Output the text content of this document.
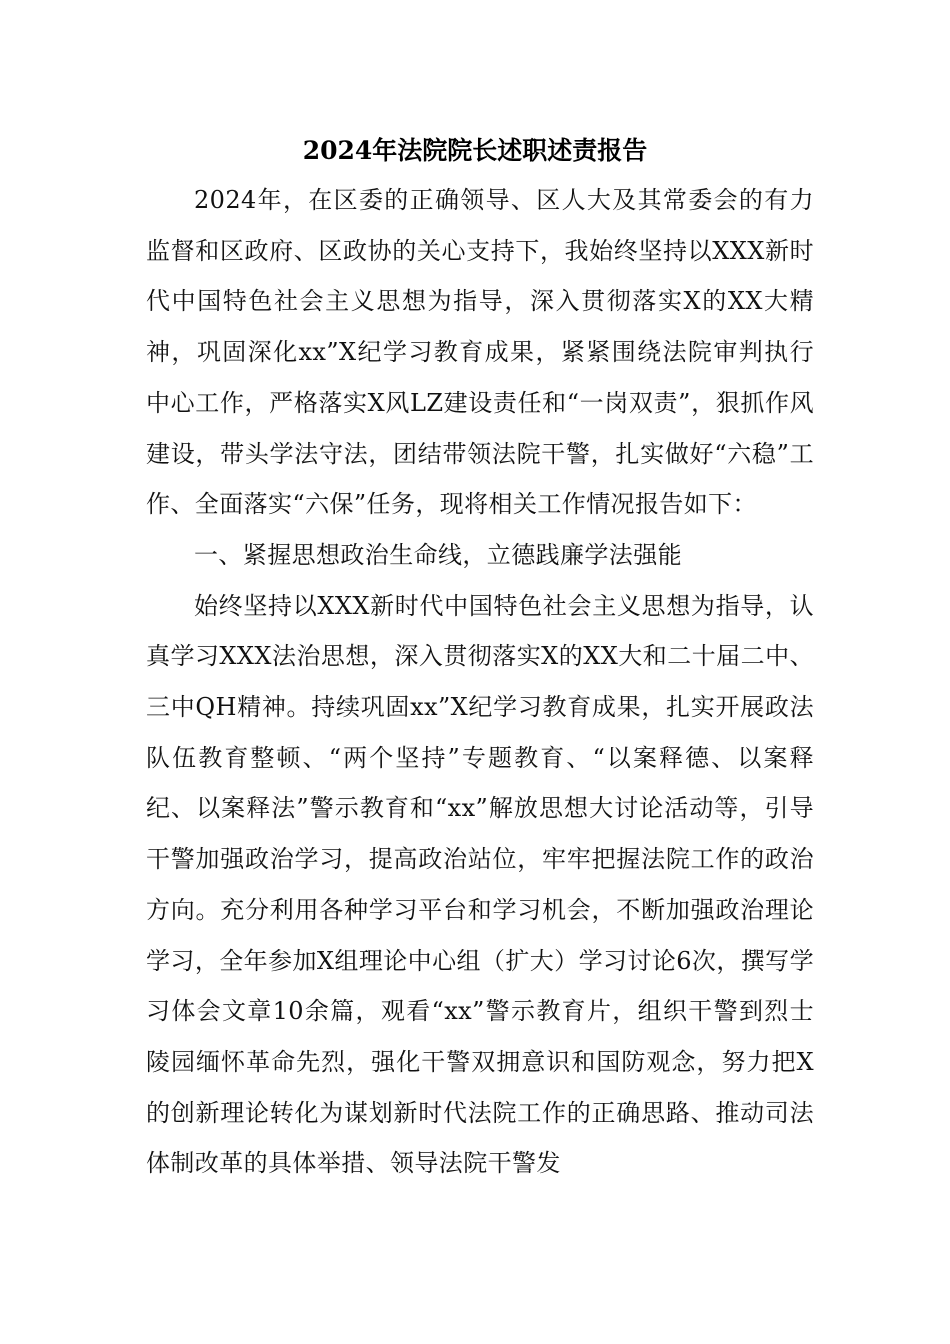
2024年法院院长述职述责报告

2024年，在区委的正确领导、区人大及其常委会的有力监督和区政府、区政协的关心支持下，我始终坚持以XXX新时代中国特色社会主义思想为指导，深入贯彻落实X的XX大精神，巩固深化xx”X纪学习教育成果，紧紧围绕法院审判执行中心工作，严格落实X风LZ建设责任和“一岗双责”，狠抓作风建设，带头学法守法，团结带领法院干警，扎实做好“六稳”工作、全面落实“六保”任务，现将相关工作情况报告如下：

一、紧握思想政治生命线，立德践廉学法强能

始终坚持以XXX新时代中国特色社会主义思想为指导，认真学习XXX法治思想，深入贯彻落实X的XX大和二十届二中、三中QH精神。持续巩固xx”X纪学习教育成果，扎实开展政法队伍教育整顿、“两个坚持”专题教育、“以案释德、以案释纪、以案释法”警示教育和“xx”解放思想大讨论活动等，引导干警加强政治学习，提高政治站位，牢牢把握法院工作的政治方向。充分利用各种学习平台和学习机会，不断加强政治理论学习，全年参加X组理论中心组（扩大）学习讨论6次，撰写学习体会文章10余篇，观看“xx”警示教育片，组织干警到烈士陵园缅怀革命先烈，强化干警双拥意识和国防观念，努力把X的创新理论转化为谋划新时代法院工作的正确思路、推动司法体制改革的具体举措、领导法院干警发
